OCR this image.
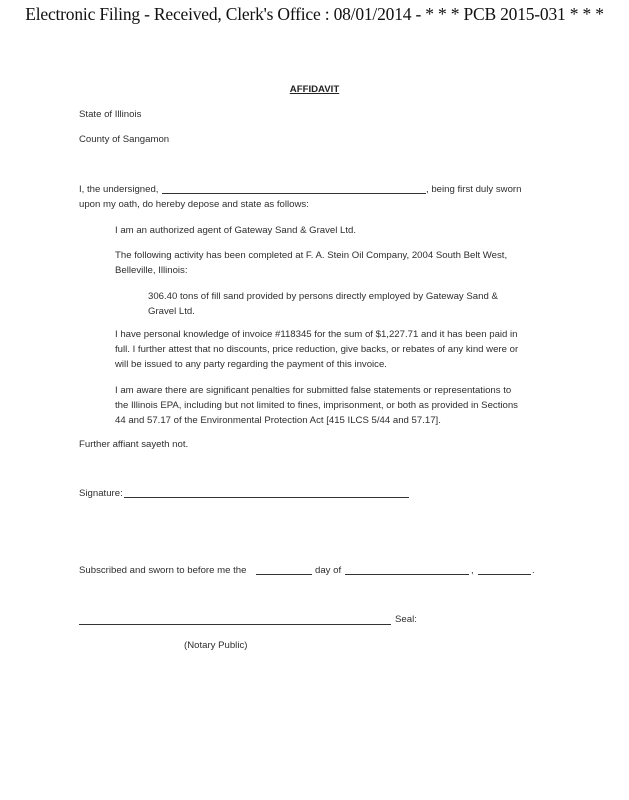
Electronic Filing - Received, Clerk's Office : 08/01/2014 - * * * PCB 2015-031 * * *
AFFIDAVIT
State of Illinois
County of Sangamon
I, the undersigned,	, being first duly sworn
upon my oath, do hereby depose and state as follows:
I am an authorized agent of Gateway Sand & Gravel Ltd.
The following activity has been completed at F. A. Stein Oil Company, 2004 South Belt West,
Belleville, Illinois:
306.40 tons of fill sand provided by persons directly employed by Gateway Sand &
Gravel Ltd.
I have personal knowledge of invoice #118345 for the sum of $1,227.71 and it has been paid in
full. I further attest that no discounts, price reduction, give backs, or rebates of any kind were or
will be issued to any party regarding the payment of this invoice.
I am aware there are significant penalties for submitted false statements or representations to
the Illinois EPA, including but not limited to fines, imprisonment, or both as provided in Sections
44 and 57.17 of the Environmental Protection Act [415 ILCS 5/44 and 57.17].
Further affiant sayeth not.
Signature:
Subscribed and sworn to before me the	day of	,	.
Seal:
(Notary Public)
